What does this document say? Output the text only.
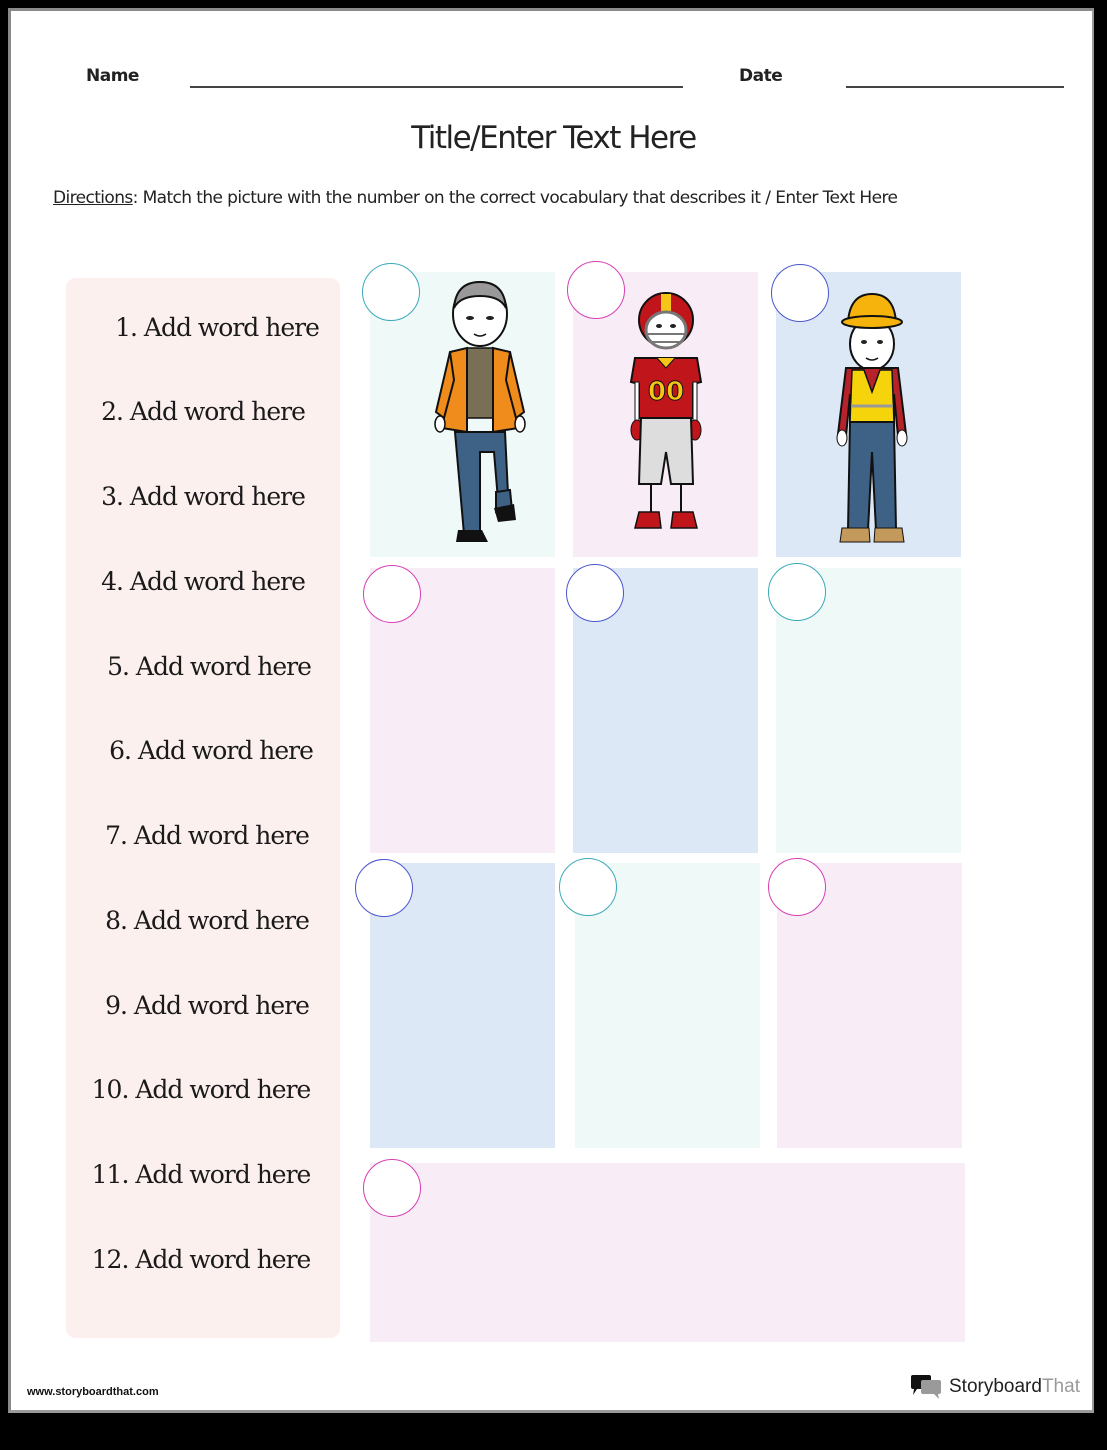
Name	Date
Title/Enter Text Here
Directions: Match the picture with the number on the correct vocabulary that describes it / Enter Text Here
1. Add word here
2. Add word here
3. Add word here
4. Add word here
5. Add word here
6. Add word here
7. Add word here
8. Add word here
9. Add word here
10. Add word here
11. Add word here
12. Add word here
00
www.storyboardthat.com	Storyboard That
